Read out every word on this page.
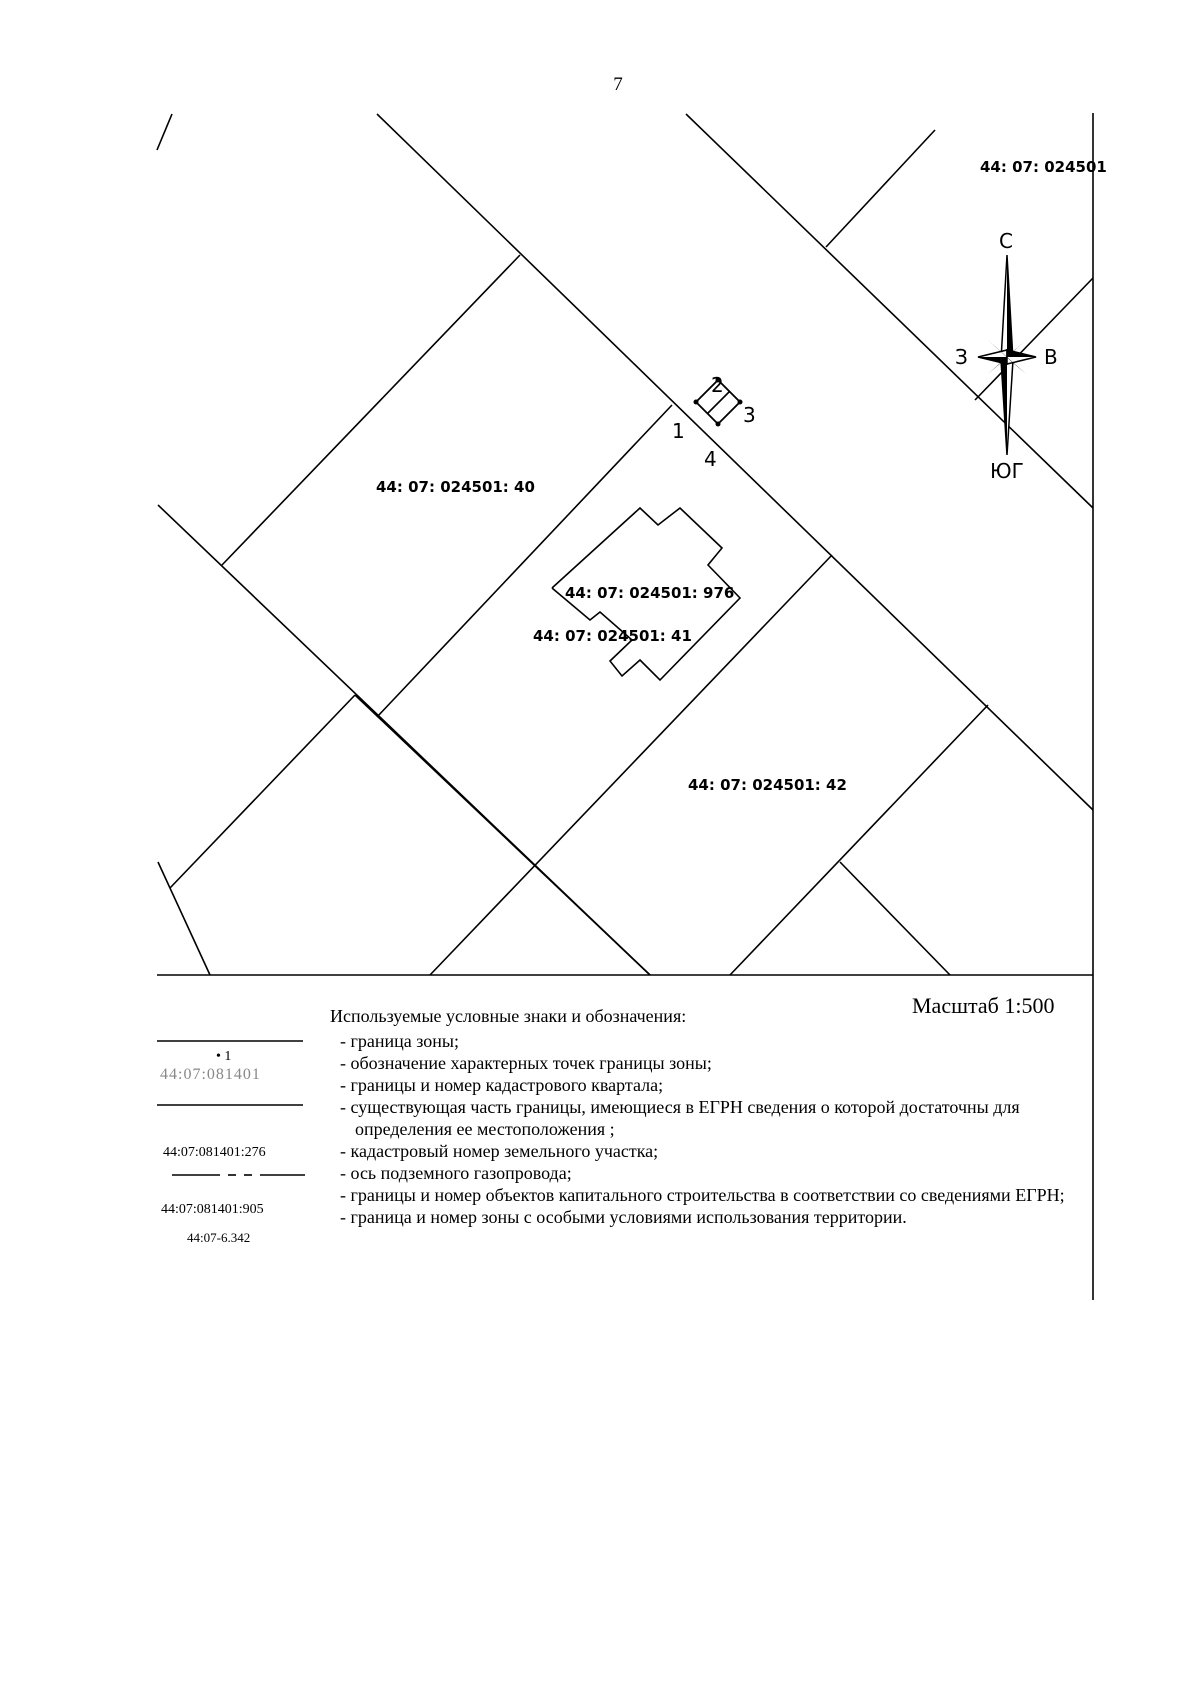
7
1
2
3
4
44: 07: 024501
44: 07: 024501: 40
44: 07: 024501: 976
44: 07: 024501: 41
44: 07: 024501: 42
С
З	В
ЮГ
Масштаб 1:500
Используемые условные знаки и обозначения:
- граница зоны;
- обозначение характерных точек границы зоны;
- границы и номер кадастрового квартала;
- существующая часть границы, имеющиеся в ЕГРН сведения о которой достаточны для определения ее местоположения ;
- кадастровый номер земельного участка;
- ось подземного газопровода;
- границы и номер объектов капитального строительства в соответствии со сведениями ЕГРН;
- граница и номер зоны с особыми условиями использования территории.
• 1
44:07:081401
44:07:081401:276
44:07:081401:905
44:07-6.342
